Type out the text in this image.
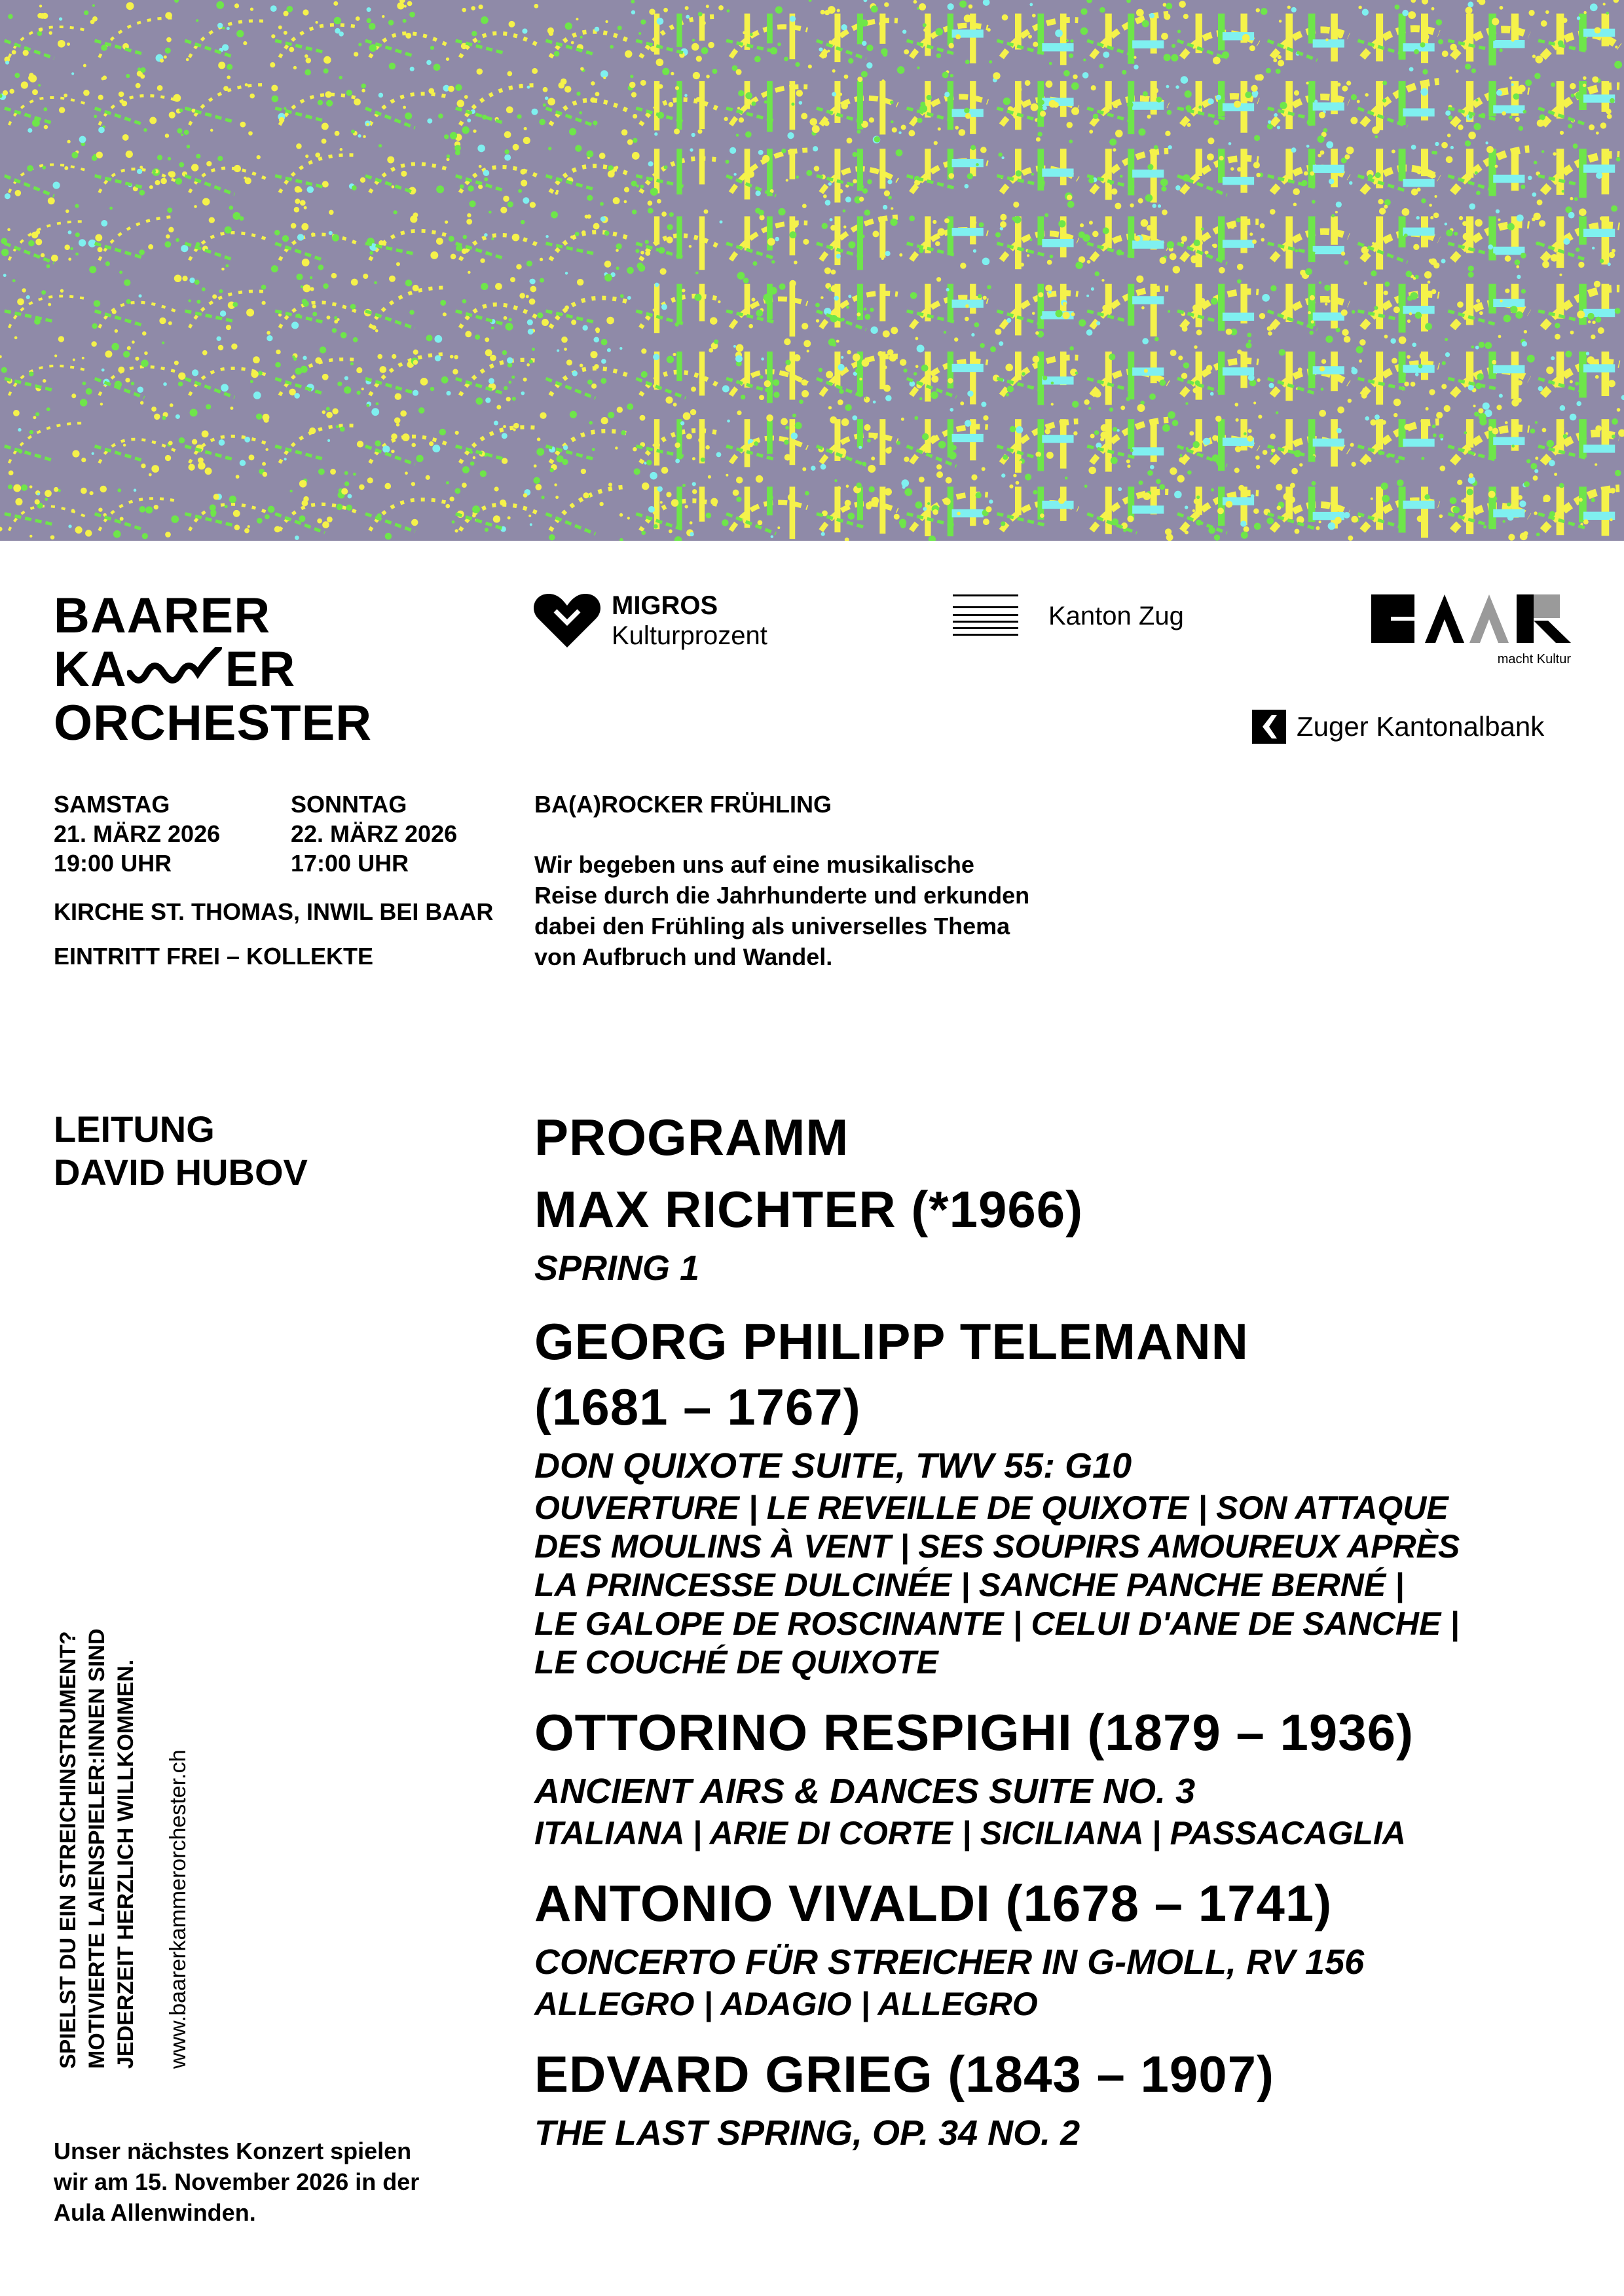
BAARER
KA ER
ORCHESTER
MIGROS
Kulturprozent
Kanton Zug
macht Kultur
Zuger Kantonalbank
SAMSTAG
21. MÄRZ 2026
19:00 UHR
SONNTAG
22. MÄRZ 2026
17:00 UHR
KIRCHE ST. THOMAS, INWIL BEI BAAR
EINTRITT FREI – KOLLEKTE
BA(A)ROCKER FRÜHLING
Wir begeben uns auf eine musikalische
Reise durch die Jahrhunderte und erkunden
dabei den Frühling als universelles Thema
von Aufbruch und Wandel.
LEITUNG
DAVID HUBOV
PROGRAMM
MAX RICHTER (*1966)
SPRING 1
GEORG PHILIPP TELEMANN
(1681 – 1767)
DON QUIXOTE SUITE, TWV 55: G10
OUVERTURE | LE REVEILLE DE QUIXOTE | SON ATTAQUE
DES MOULINS À VENT | SES SOUPIRS AMOUREUX APRÈS
LA PRINCESSE DULCINÉE | SANCHE PANCHE BERNÉ |
LE GALOPE DE ROSCINANTE | CELUI D'ANE DE SANCHE |
LE COUCHÉ DE QUIXOTE
OTTORINO RESPIGHI (1879 – 1936)
ANCIENT AIRS & DANCES SUITE NO. 3
ITALIANA | ARIE DI CORTE | SICILIANA | PASSACAGLIA
ANTONIO VIVALDI (1678 – 1741)
CONCERTO FÜR STREICHER IN G-MOLL, RV 156
ALLEGRO | ADAGIO | ALLEGRO
EDVARD GRIEG (1843 – 1907)
THE LAST SPRING, OP. 34 NO. 2
SPIELST DU EIN STREICHINSTRUMENT? MOTIVIERTE LAIENSPIELER:INNEN SIND JEDERZEIT HERZLICH WILLKOMMEN. www.baarerkammerorchester.ch
Unser nächstes Konzert spielen
wir am 15. November 2026 in der
Aula Allenwinden.
